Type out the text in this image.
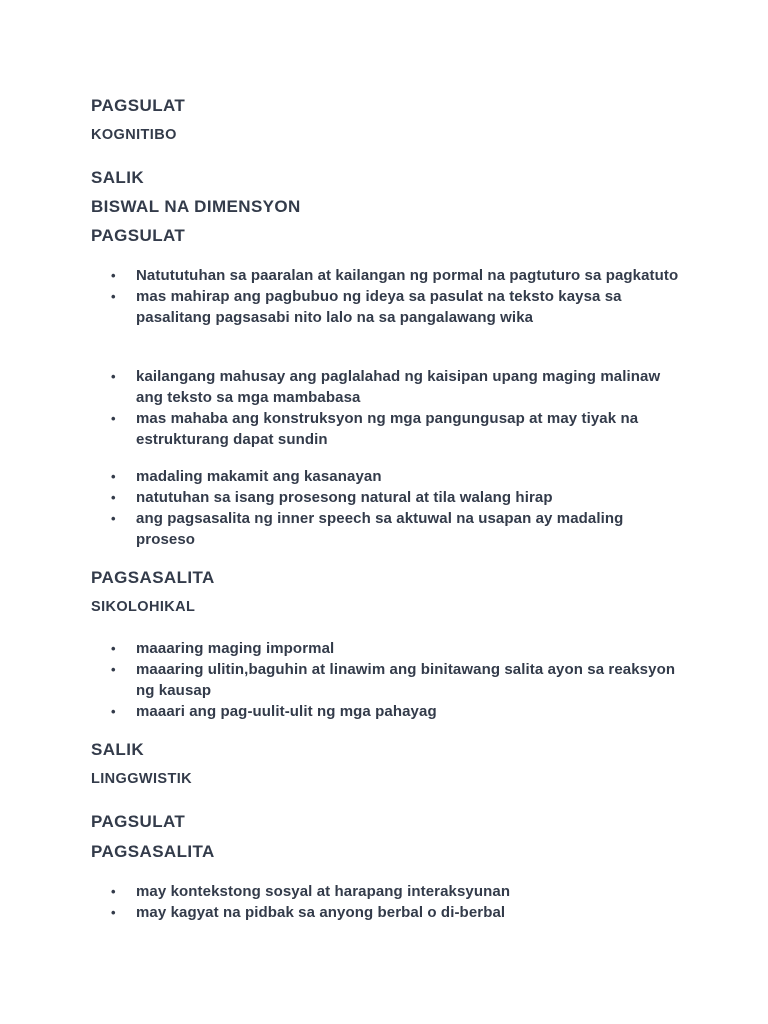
PAGSULAT
KOGNITIBO
SALIK
BISWAL NA DIMENSYON
PAGSULAT
• Natututuhan sa paaralan at kailangan ng pormal na pagtuturo sa pagkatuto
• mas mahirap ang pagbubuo ng ideya sa pasulat na teksto kaysa sa pasalitang pagsasabi nito lalo na sa pangalawang wika
• kailangang mahusay ang paglalahad ng kaisipan upang maging malinaw ang teksto sa mga mambabasa
• mas mahaba ang konstruksyon ng mga pangungusap at may tiyak na estrukturang dapat sundin
• madaling makamit ang kasanayan
• natutuhan sa isang prosesong natural at tila walang hirap
• ang pagsasalita ng inner speech sa aktuwal na usapan ay madaling proseso
PAGSASALITA
SIKOLOHIKAL
• maaaring maging impormal
• maaaring ulitin,baguhin at linawim ang binitawang salita ayon sa reaksyon ng kausap
• maaari ang pag-uulit-ulit ng mga pahayag
SALIK
LINGGWISTIK
PAGSULAT
PAGSASALITA
• may kontekstong sosyal at harapang interaksyunan
• may kagyat na pidbak sa anyong berbal o di-berbal
